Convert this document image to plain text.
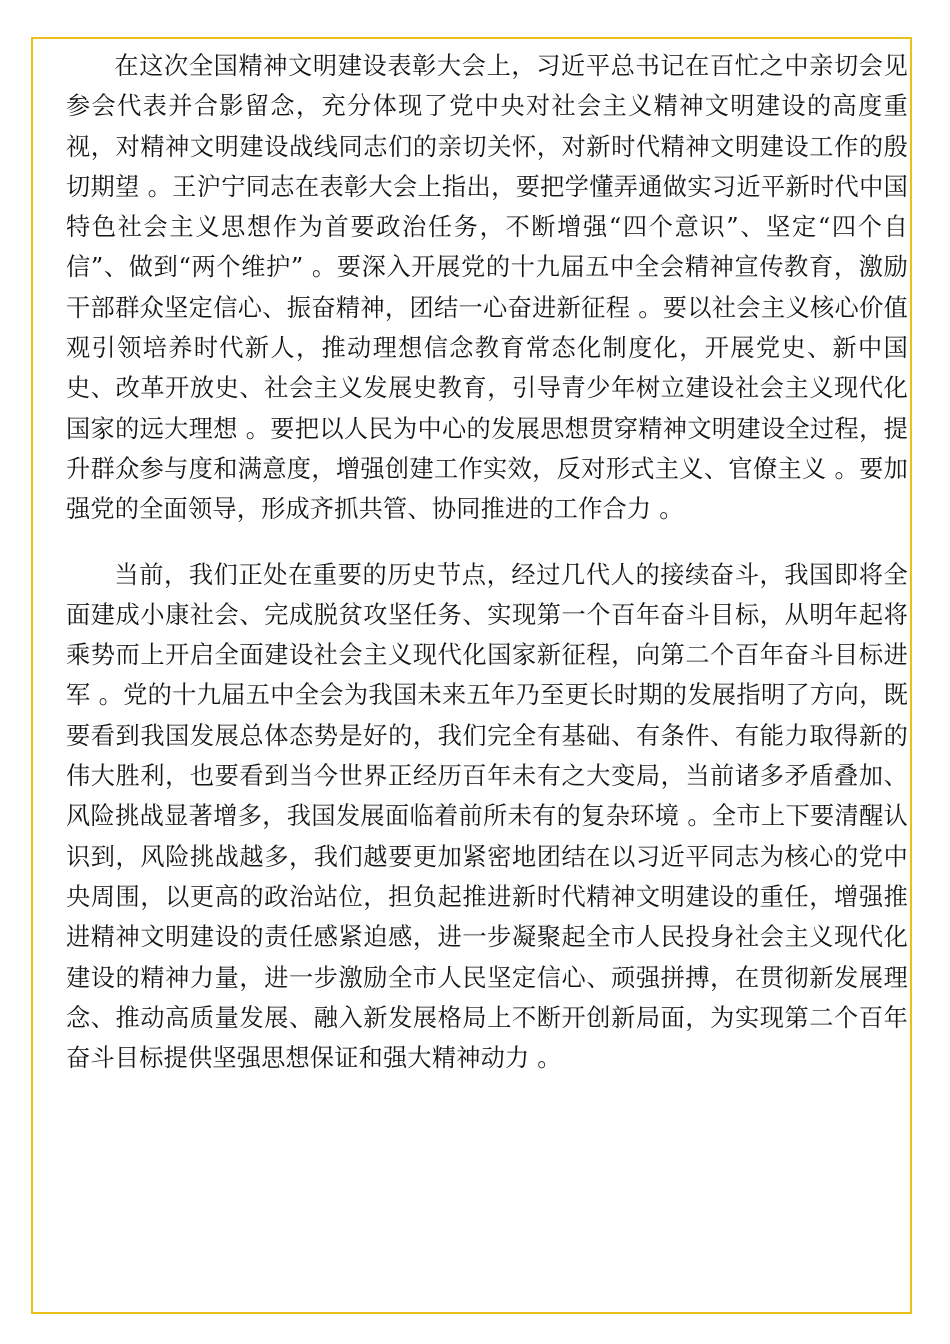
在这次全国精神文明建设表彰大会上，习近平总书记在百忙之中亲切会见参会代表并合影留念，充分体现了党中央对社会主义精神文明建设的高度重视，对精神文明建设战线同志们的亲切关怀，对新时代精神文明建设工作的殷切期望 。王沪宁同志在表彰大会上指出，要把学懂弄通做实习近平新时代中国特色社会主义思想作为首要政治任务，不断增强“四个意识”、坚定“四个自信”、做到“两个维护” 。要深入开展党的十九届五中全会精神宣传教育，激励干部群众坚定信心、振奋精神，团结一心奋进新征程 。要以社会主义核心价值观引领培养时代新人，推动理想信念教育常态化制度化，开展党史、新中国史、改革开放史、社会主义发展史教育，引导青少年树立建设社会主义现代化国家的远大理想 。要把以人民为中心的发展思想贯穿精神文明建设全过程，提升群众参与度和满意度，增强创建工作实效，反对形式主义、官僚主义 。要加强党的全面领导，形成齐抓共管、协同推进的工作合力 。

当前，我们正处在重要的历史节点，经过几代人的接续奋斗，我国即将全面建成小康社会、完成脱贫攻坚任务、实现第一个百年奋斗目标，从明年起将乘势而上开启全面建设社会主义现代化国家新征程，向第二个百年奋斗目标进军 。党的十九届五中全会为我国未来五年乃至更长时期的发展指明了方向，既要看到我国发展总体态势是好的，我们完全有基础、有条件、有能力取得新的伟大胜利，也要看到当今世界正经历百年未有之大变局，当前诸多矛盾叠加、风险挑战显著增多，我国发展面临着前所未有的复杂环境 。全市上下要清醒认识到，风险挑战越多，我们越要更加紧密地团结在以习近平同志为核心的党中央周围，以更高的政治站位，担负起推进新时代精神文明建设的重任，增强推进精神文明建设的责任感紧迫感，进一步凝聚起全市人民投身社会主义现代化建设的精神力量，进一步激励全市人民坚定信心、顽强拼搏，在贯彻新发展理念、推动高质量发展、融入新发展格局上不断开创新局面，为实现第二个百年奋斗目标提供坚强思想保证和强大精神动力 。
